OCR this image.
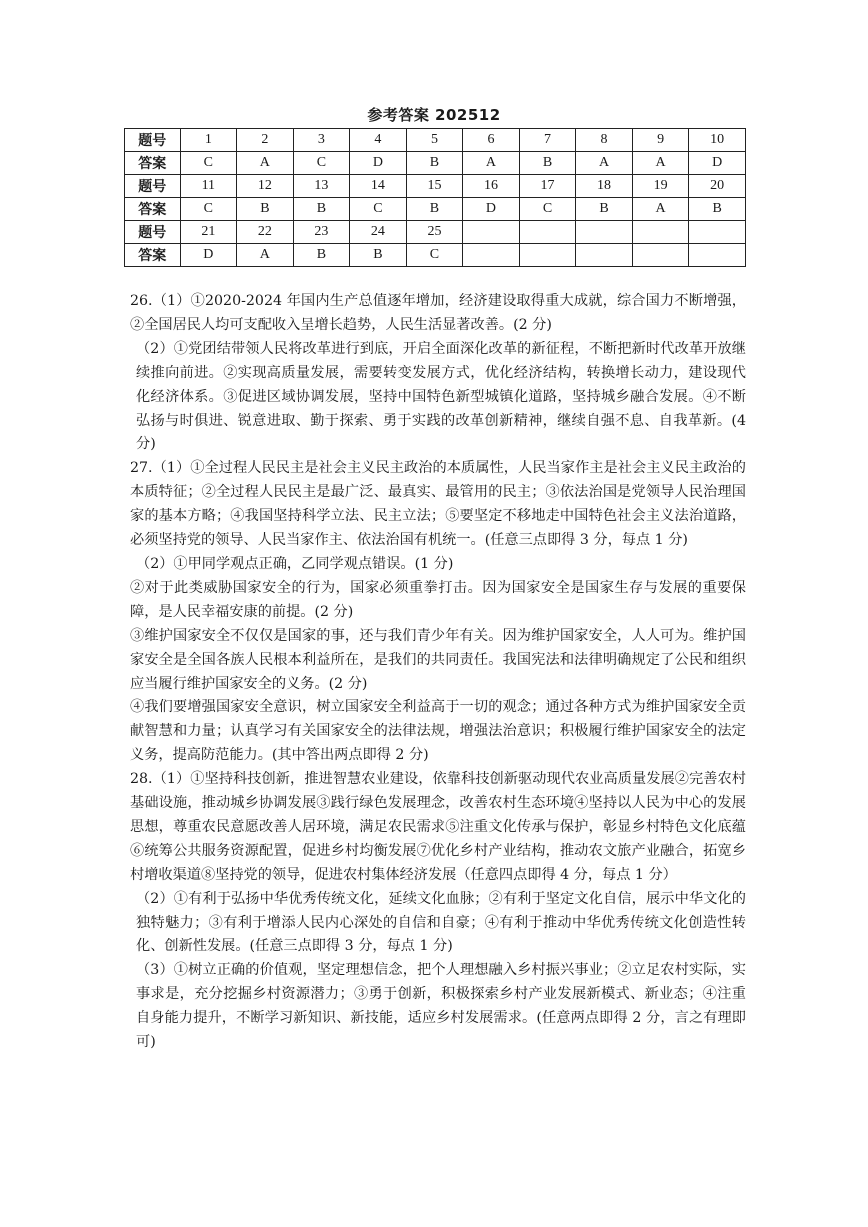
参考答案 202512
题号	1	2	3	4	5	6	7	8	9	10
答案	C	A	C	D	B	A	B	A	A	D
题号	11	12	13	14	15	16	17	18	19	20
答案	C	B	B	C	B	D	C	B	A	B
题号	21	22	23	24	25					
答案	D	A	B	B	C					

26.（1）①2020-2024 年国内生产总值逐年增加，经济建设取得重大成就，综合国力不断增强，②全国居民人均可支配收入呈增长趋势，人民生活显著改善。(2 分)

（2）①党团结带领人民将改革进行到底，开启全面深化改革的新征程，不断把新时代改革开放继续推向前进。②实现高质量发展，需要转变发展方式，优化经济结构，转换增长动力，建设现代化经济体系。③促进区域协调发展，坚持中国特色新型城镇化道路，坚持城乡融合发展。④不断弘扬与时俱进、锐意进取、勤于探索、勇于实践的改革创新精神，继续自强不息、自我革新。(4 分)

27.（1）①全过程人民民主是社会主义民主政治的本质属性，人民当家作主是社会主义民主政治的本质特征；②全过程人民民主是最广泛、最真实、最管用的民主；③依法治国是党领导人民治理国家的基本方略；④我国坚持科学立法、民主立法；⑤要坚定不移地走中国特色社会主义法治道路，必须坚持党的领导、人民当家作主、依法治国有机统一。(任意三点即得 3 分，每点 1 分)

（2）①甲同学观点正确，乙同学观点错误。(1 分)

②对于此类威胁国家安全的行为，国家必须重拳打击。因为国家安全是国家生存与发展的重要保障，是人民幸福安康的前提。(2 分)

③维护国家安全不仅仅是国家的事，还与我们青少年有关。因为维护国家安全，人人可为。维护国家安全是全国各族人民根本利益所在，是我们的共同责任。我国宪法和法律明确规定了公民和组织应当履行维护国家安全的义务。(2 分)

④我们要增强国家安全意识，树立国家安全利益高于一切的观念；通过各种方式为维护国家安全贡献智慧和力量；认真学习有关国家安全的法律法规，增强法治意识；积极履行维护国家安全的法定义务，提高防范能力。(其中答出两点即得 2 分)

28.（1）①坚持科技创新，推进智慧农业建设，依靠科技创新驱动现代农业高质量发展②完善农村基础设施，推动城乡协调发展③践行绿色发展理念，改善农村生态环境④坚持以人民为中心的发展思想，尊重农民意愿改善人居环境，满足农民需求⑤注重文化传承与保护，彰显乡村特色文化底蕴⑥统筹公共服务资源配置，促进乡村均衡发展⑦优化乡村产业结构，推动农文旅产业融合，拓宽乡村增收渠道⑧坚持党的领导，促进农村集体经济发展（任意四点即得 4 分，每点 1 分）

（2）①有利于弘扬中华优秀传统文化，延续文化血脉；②有利于坚定文化自信，展示中华文化的独特魅力；③有利于增添人民内心深处的自信和自豪；④有利于推动中华优秀传统文化创造性转化、创新性发展。(任意三点即得 3 分，每点 1 分)

（3）①树立正确的价值观，坚定理想信念，把个人理想融入乡村振兴事业；②立足农村实际，实事求是，充分挖掘乡村资源潜力；③勇于创新，积极探索乡村产业发展新模式、新业态；④注重自身能力提升，不断学习新知识、新技能，适应乡村发展需求。(任意两点即得 2 分，言之有理即可)
